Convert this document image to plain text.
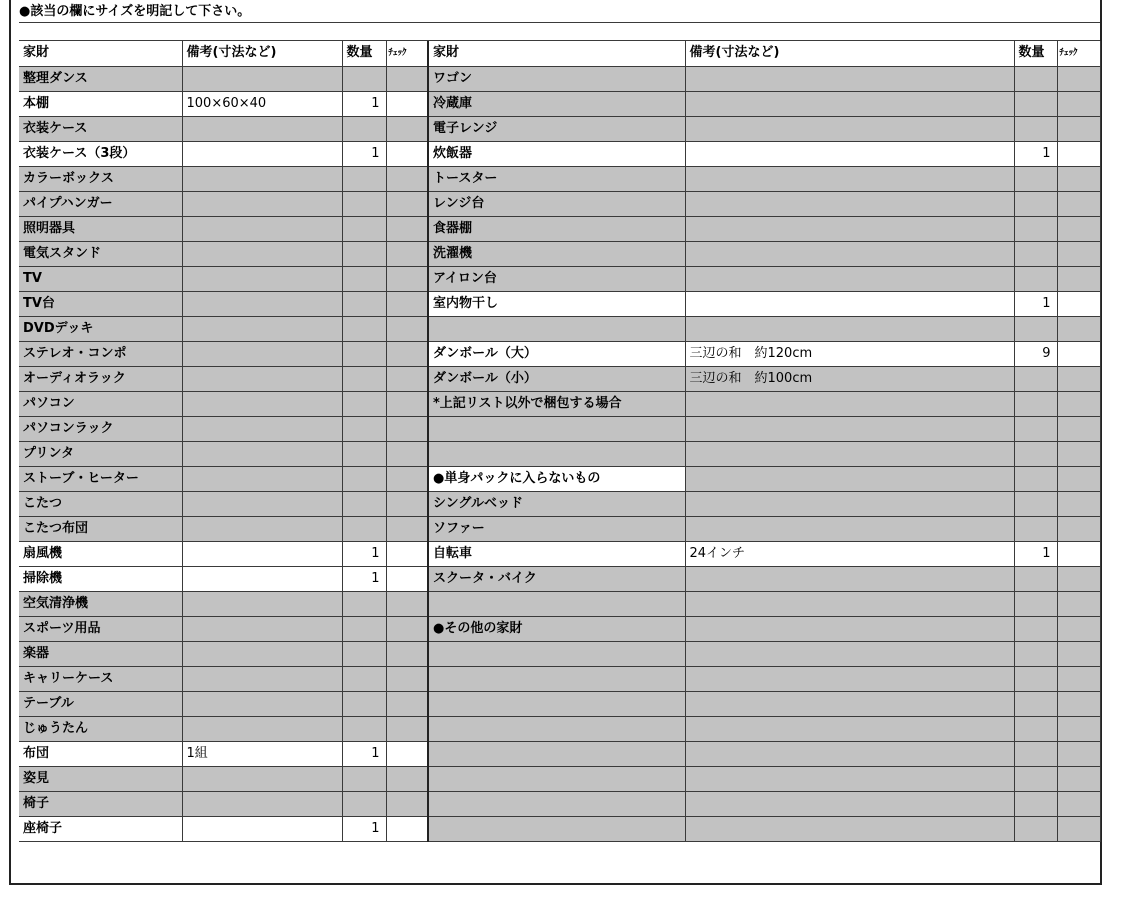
●該当の欄にサイズを明記して下さい。
家財	備考(寸法など)	数量	ﾁｪｯｸ	家財	備考(寸法など)	数量	ﾁｪｯｸ
整理ダンス				ワゴン			
本棚	100×60×40	1		冷蔵庫			
衣装ケース				電子レンジ			
衣装ケース（3段）		1		炊飯器		1	
カラーボックス				トースター			
パイプハンガー				レンジ台			
照明器具				食器棚			
電気スタンド				洗濯機			
TV				アイロン台			
TV台				室内物干し		1	
DVDデッキ							
ステレオ・コンポ				ダンボール（大）	三辺の和　約120cm	9	
オーディオラック				ダンボール（小）	三辺の和　約100cm		
パソコン				*上記リスト以外で梱包する場合			
パソコンラック							
プリンタ							
ストーブ・ヒーター				●単身パックに入らないもの			
こたつ				シングルベッド			
こたつ布団				ソファー			
扇風機		1		自転車	24インチ	1	
掃除機		1		スクータ・バイク			
空気清浄機							
スポーツ用品				●その他の家財			
楽器							
キャリーケース							
テーブル							
じゅうたん							
布団	1組	1					
姿見							
椅子							
座椅子		1					
